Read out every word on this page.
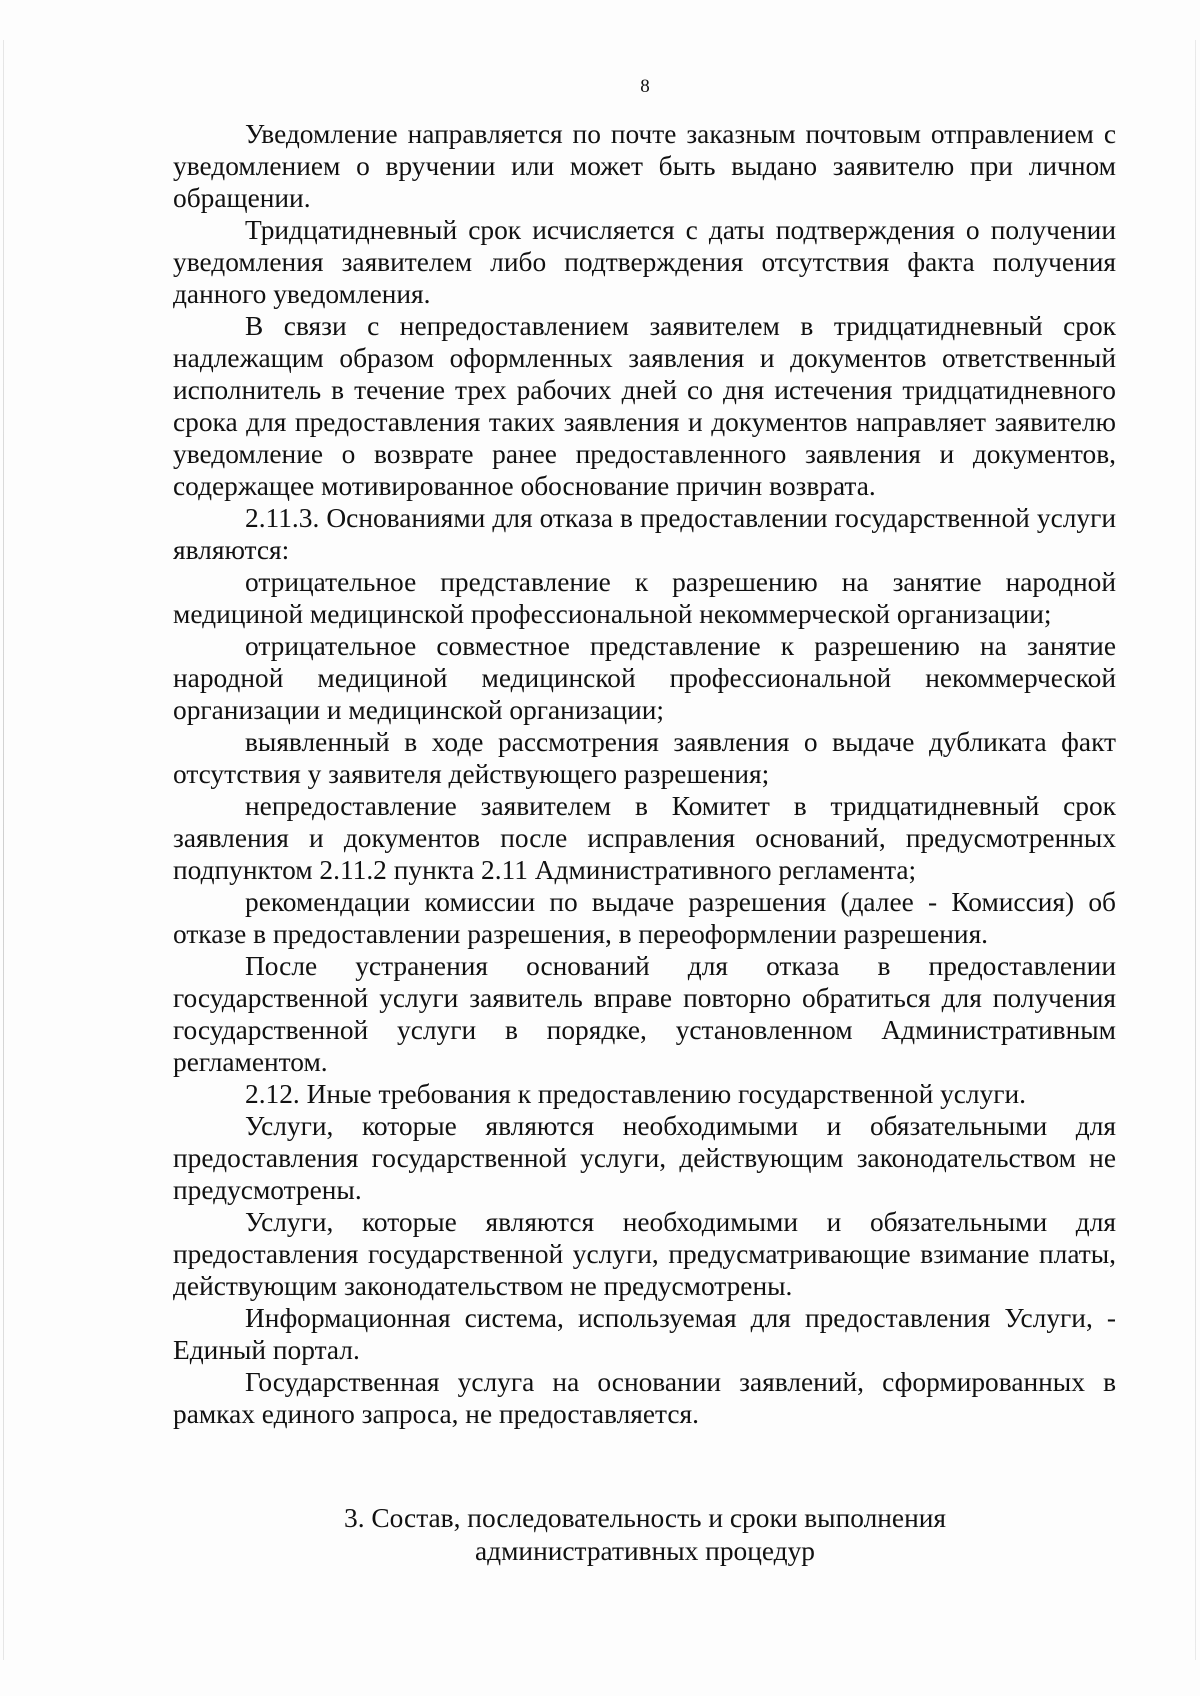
8

Уведомление направляется по почте заказным почтовым отправлением с уведомлением о вручении или может быть выдано заявителю при личном обращении.

Тридцатидневный срок исчисляется с даты подтверждения о получении уведомления заявителем либо подтверждения отсутствия факта получения данного уведомления.

В связи с непредоставлением заявителем в тридцатидневный срок надлежащим образом оформленных заявления и документов ответственный исполнитель в течение трех рабочих дней со дня истечения тридцатидневного срока для предоставления таких заявления и документов направляет заявителю уведомление о возврате ранее предоставленного заявления и документов, содержащее мотивированное обоснование причин возврата.

2.11.3. Основаниями для отказа в предоставлении государственной услуги являются:

отрицательное представление к разрешению на занятие народной медициной медицинской профессиональной некоммерческой организации;

отрицательное совместное представление к разрешению на занятие народной медициной медицинской профессиональной некоммерческой организации и медицинской организации;

выявленный в ходе рассмотрения заявления о выдаче дубликата факт отсутствия у заявителя действующего разрешения;

непредоставление заявителем в Комитет в тридцатидневный срок заявления и документов после исправления оснований, предусмотренных подпунктом 2.11.2 пункта 2.11 Административного регламента;

рекомендации комиссии по выдаче разрешения (далее - Комиссия) об отказе в предоставлении разрешения, в переоформлении разрешения.

После устранения оснований для отказа в предоставлении государственной услуги заявитель вправе повторно обратиться для получения государственной услуги в порядке, установленном Административным регламентом.

2.12. Иные требования к предоставлению государственной услуги.

Услуги, которые являются необходимыми и обязательными для предоставления государственной услуги, действующим законодательством не предусмотрены.

Услуги, которые являются необходимыми и обязательными для предоставления государственной услуги, предусматривающие взимание платы, действующим законодательством не предусмотрены.

Информационная система, используемая для предоставления Услуги, - Единый портал.

Государственная услуга на основании заявлений, сформированных в рамках единого запроса, не предоставляется.

3. Состав, последовательность и сроки выполнения
административных процедур
